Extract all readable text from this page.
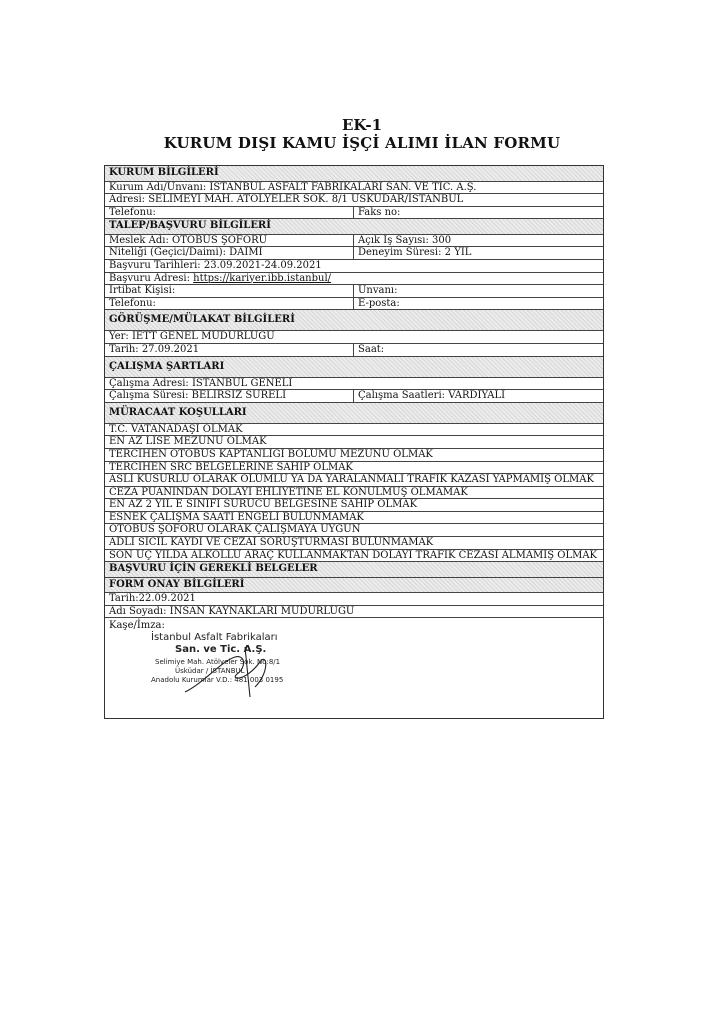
EK-1
KURUM DIŞI KAMU İŞÇİ ALIMI İLAN FORMU
KURUM BİLGİLERİ
Kurum Adı/Unvanı: İSTANBUL ASFALT FABRİKALARI SAN. VE TİC. A.Ş.
Adresi: SELİMEYİ MAH. ATÖLYELER SOK. 8/1 ÜSKÜDAR/İSTANBUL
Telefonu:	Faks no:
TALEP/BAŞVURU BİLGİLERİ
Meslek Adı: OTOBÜS ŞOFÖRÜ	Açık İş Sayısı: 300
Niteliği (Geçici/Daimi): DAİMİ	Deneyim Süresi: 2 YIL
Başvuru Tarihleri: 23.09.2021-24.09.2021
Başvuru Adresi: https://kariyer.ibb.istanbul/
İrtibat Kişisi:	Unvanı:
Telefonu:	E-posta:
GÖRÜŞME/MÜLAKAT BİLGİLERİ
Yer: İETT GENEL MÜDÜRLÜĞÜ
Tarih: 27.09.2021	Saat:
ÇALIŞMA ŞARTLARI
Çalışma Adresi: İSTANBUL GENELİ
Çalışma Süresi: BELİRSİZ SÜRELİ	Çalışma Saatleri: VARDİYALI
MÜRACAAT KOŞULLARI
T.C. VATANADAŞI OLMAK
EN AZ LİSE MEZUNU OLMAK
TERCİHEN OTOBÜS KAPTANLIĞI BÖLÜMÜ MEZUNU OLMAK
TERCİHEN SRC BELGELERİNE SAHİP OLMAK
ASLİ KUSURLU OLARAK ÖLÜMLÜ YA DA YARALANMALI TRAFİK KAZASI YAPMAMIŞ OLMAK
CEZA PUANINDAN DOLAYI EHLİYETİNE EL KONULMUŞ OLMAMAK
EN AZ 2 YIL E SINIFI SÜRÜCÜ BELGESİNE SAHİP OLMAK
ESNEK ÇALIŞMA SAATİ ENGELİ BULUNMAMAK
OTOBÜS ŞOFÖRÜ OLARAK ÇALIŞMAYA UYGUN
ADLİ SİCİL KAYDI VE CEZAİ SORUŞTURMASI BULUNMAMAK
SON ÜÇ YILDA ALKOLLÜ ARAÇ KULLANMAKTAN DOLAYI TRAFİK CEZASI ALMAMIŞ OLMAK
BAŞVURU İÇİN GEREKLİ BELGELER
FORM ONAY BİLGİLERİ
Tarih:22.09.2021
Adı Soyadı: İNSAN KAYNAKLARI MÜDÜRLÜĞÜ
Kaşe/İmza:
İstanbul Asfalt Fabrikaları
San. ve Tic. A.Ş.
Selimiye Mah. Atölyeler Sok. No:8/1
Üsküdar / İSTANBUL
Anadolu Kurumlar V.D.: 481 003 0195
